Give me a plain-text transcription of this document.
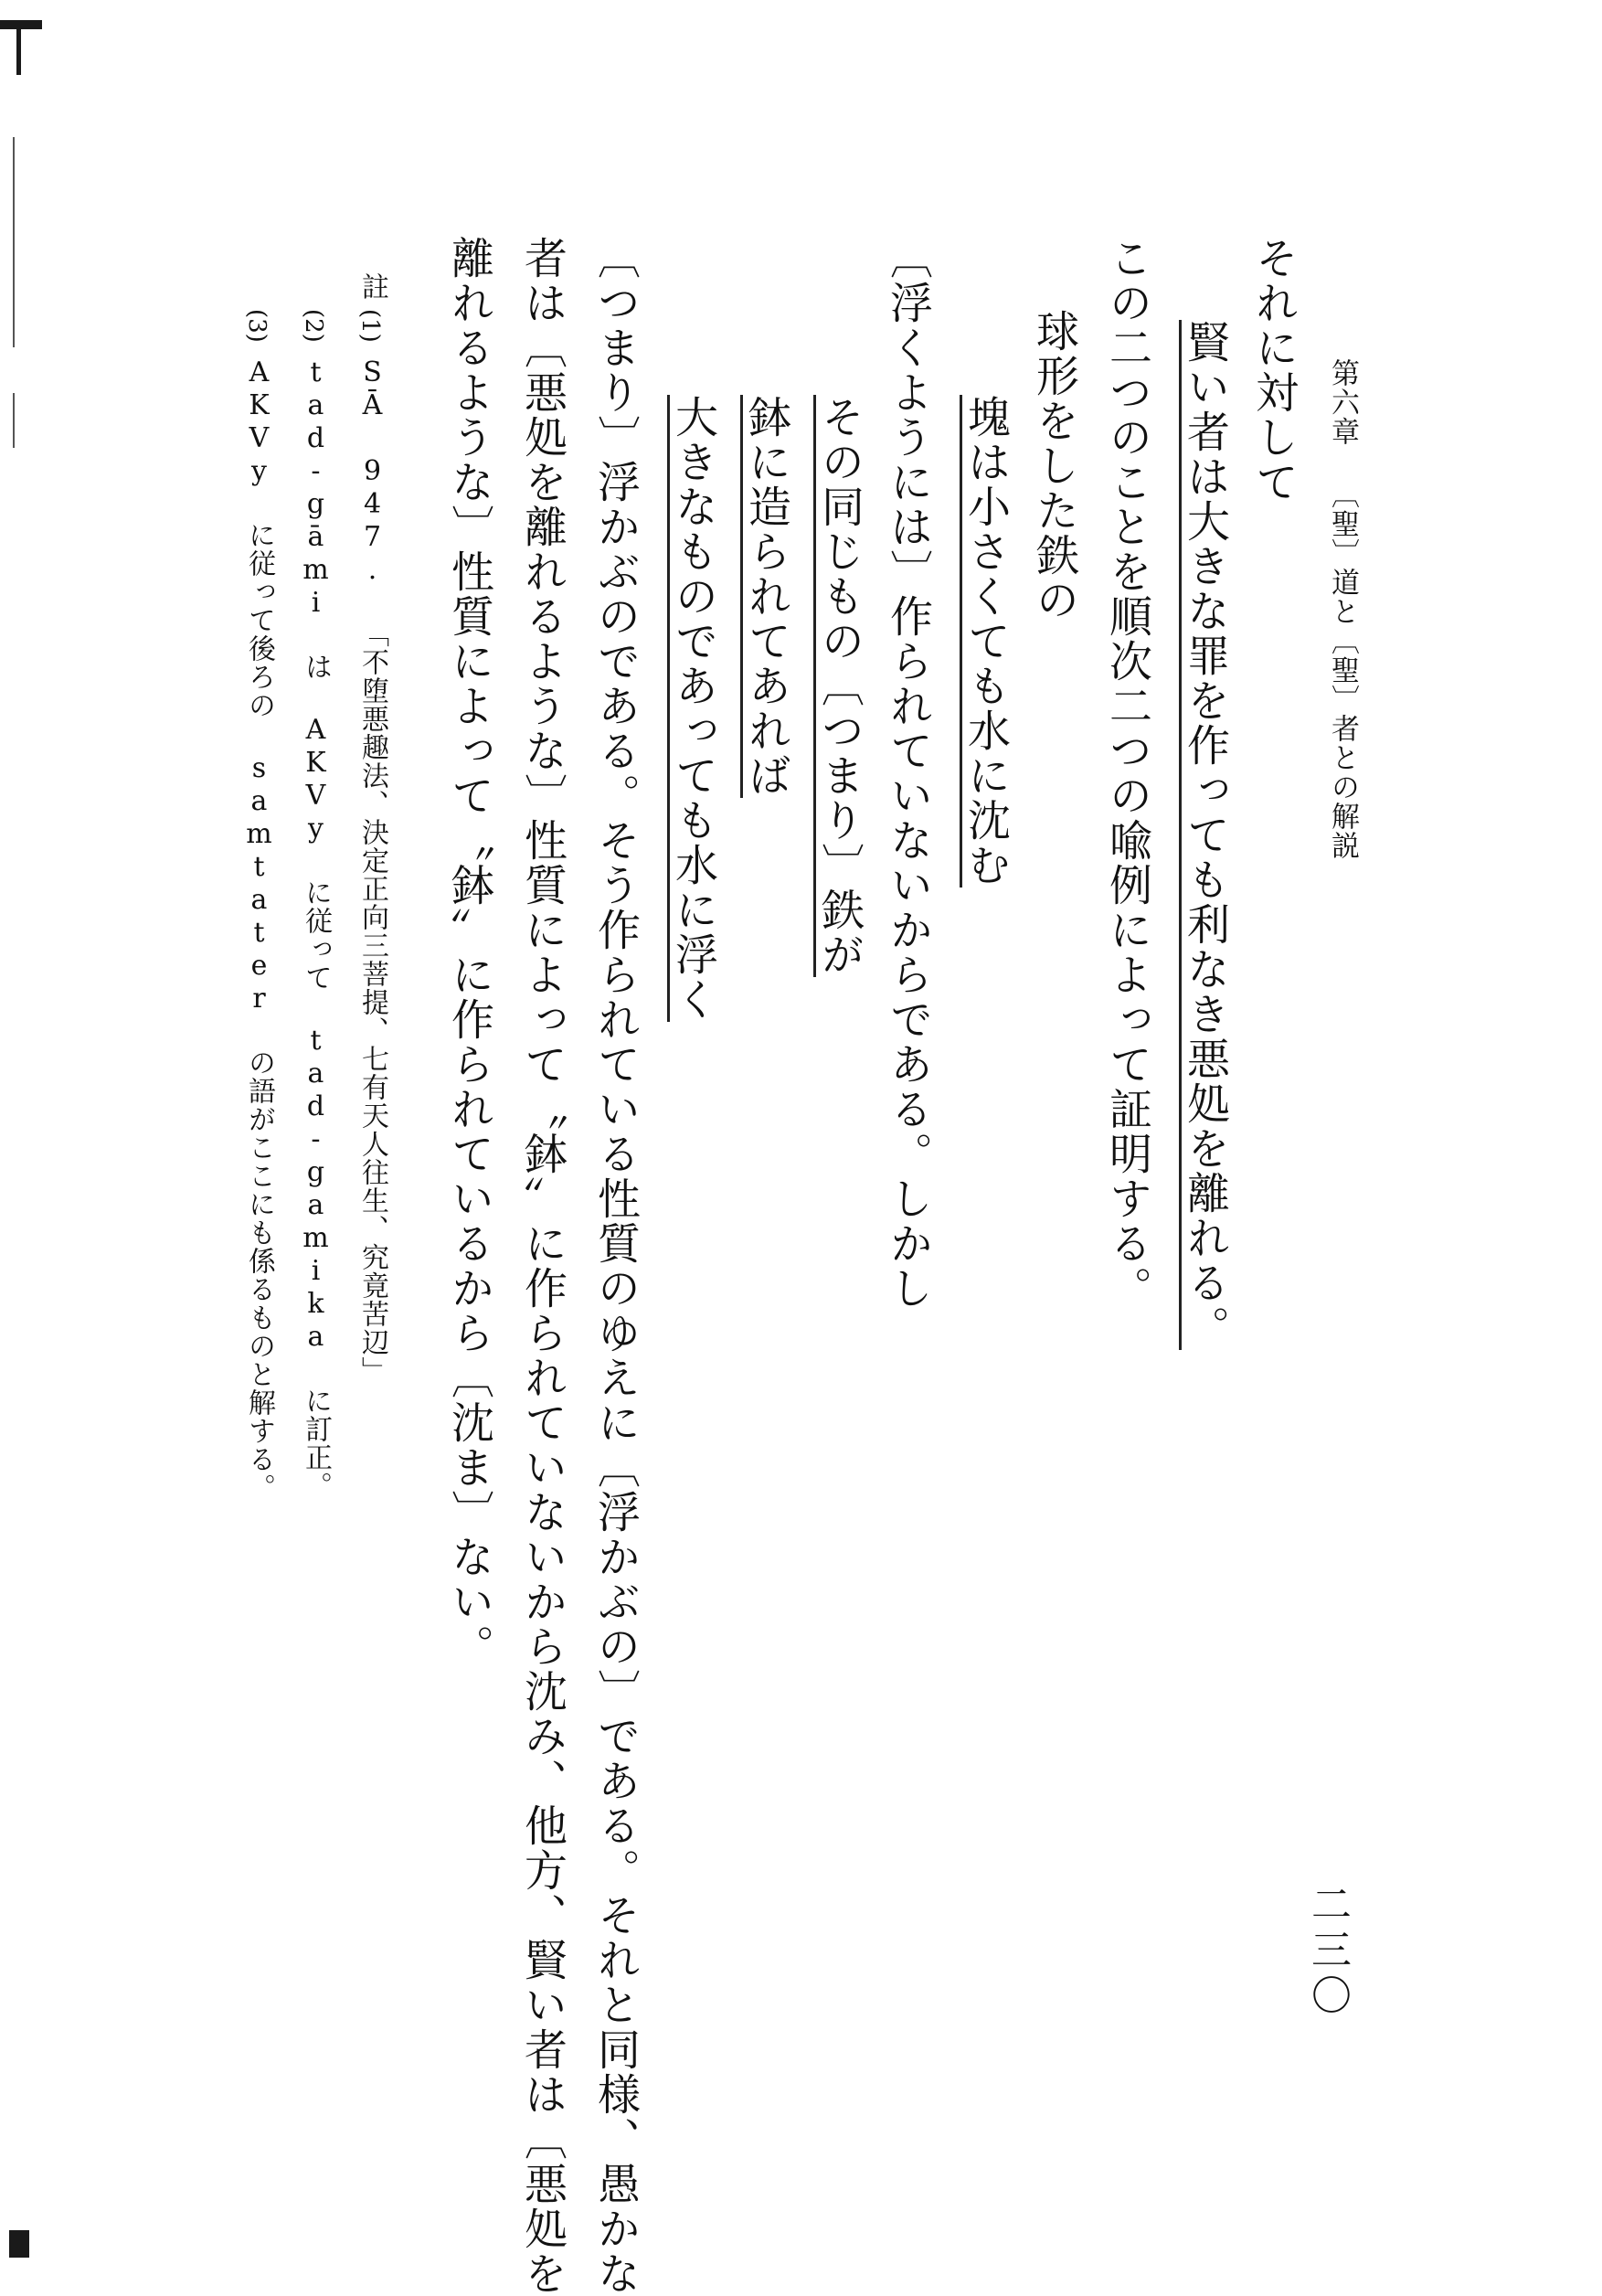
第六章 〔聖〕道と〔聖〕者との解説
二三〇
それに対して
賢い者は大きな罪を作っても利なき悪処を離れる。
この二つのことを順次二つの喩例によって証明する。
球形をした鉄の
塊は小さくても水に沈む
その同じもの〔つまり〕鉄が 〔浮くようには〕作られていないからである。しかし
鉢に造られてあれば
大きなものであっても水に浮く
〔つまり〕浮かぶのである。そう作られている性質のゆえに〔浮かぶの〕である。それと同様、愚かな
者は〔悪処を離れるような〕性質によって〝鉢〟に作られていないから沈み、他方、賢い者は〔悪処を
離れるような〕性質によって〝鉢〟に作られているから〔沈ま〕ない。
註
(1)
SĀ 947. 「不堕悪趣法、決定正向三菩提、七有天人往生、究竟苦辺」
(2)
tad-gāmi は AKVy に従って tad-gamika に訂正。
(3)
AKVy に従って後ろの samtater の語がここにも係るものと解する。
